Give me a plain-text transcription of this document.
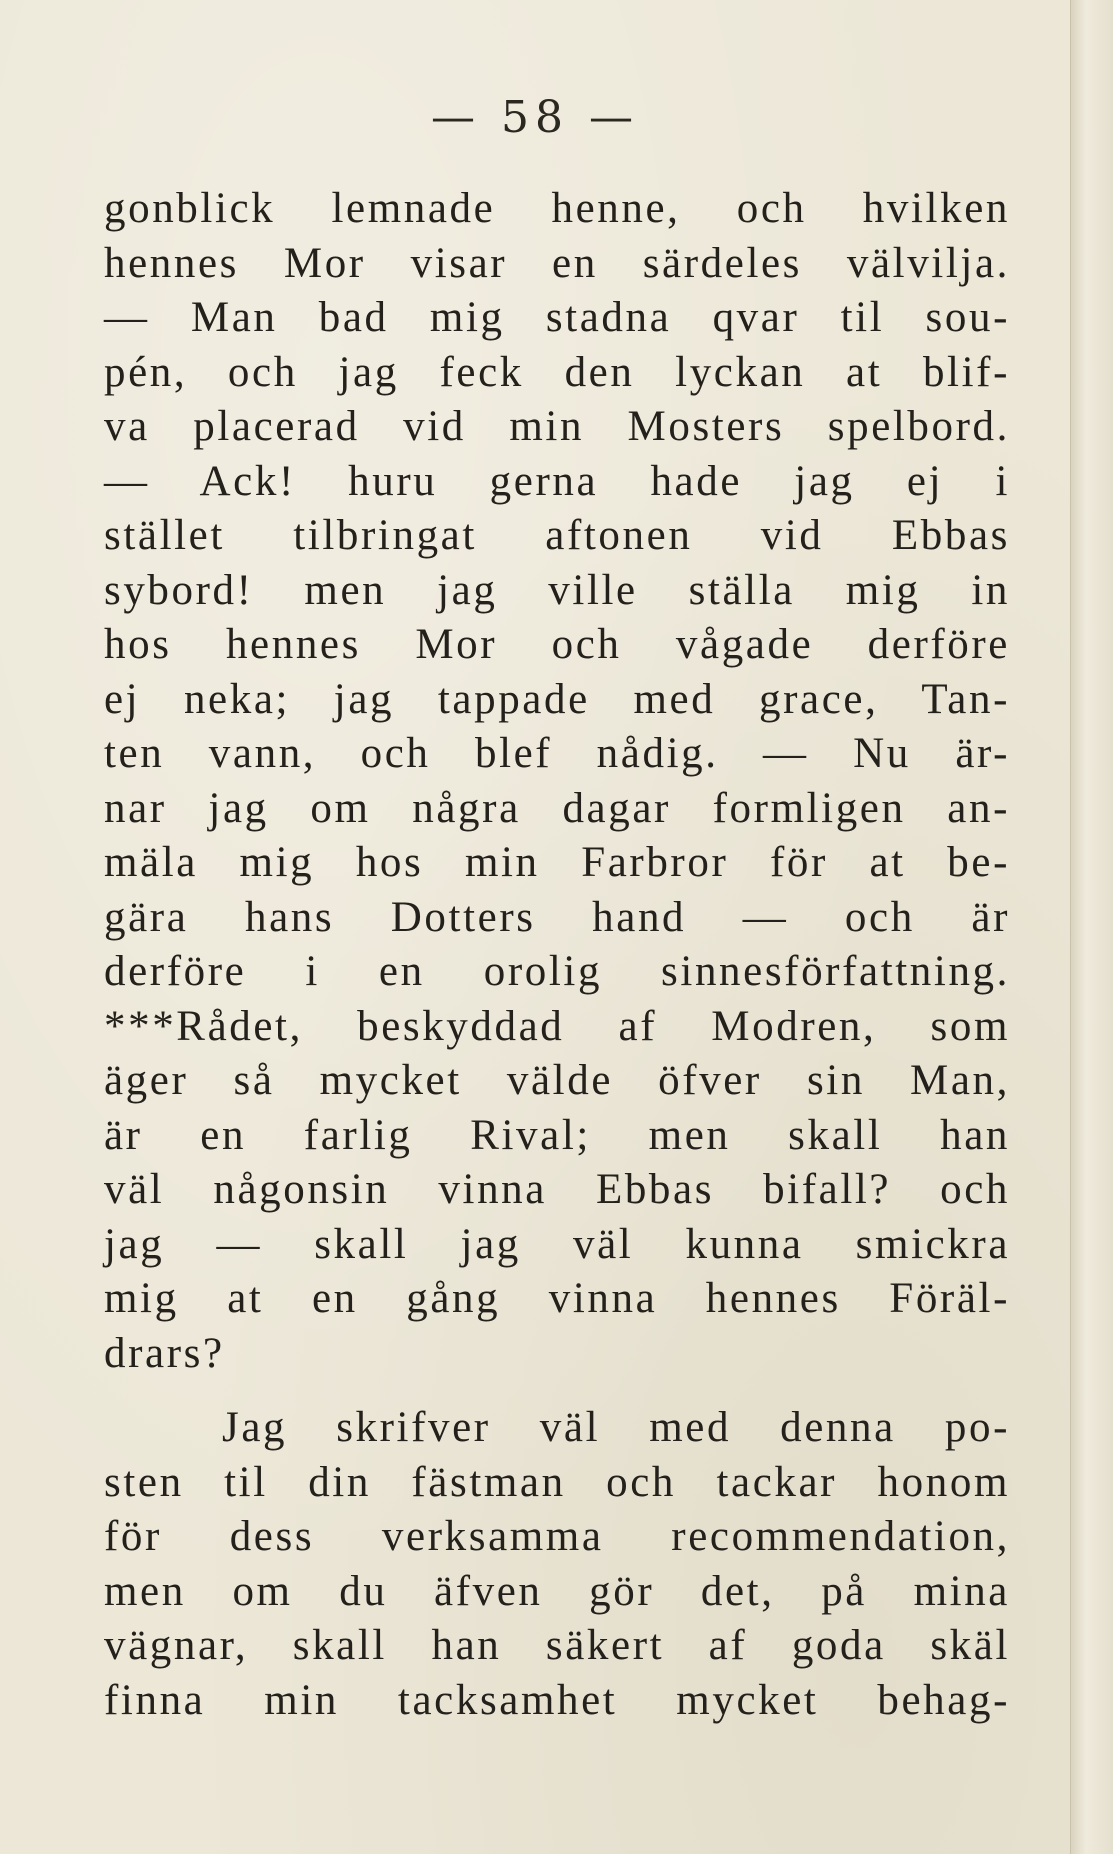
— 58 —
gonblick lemnade henne, och hvilken
hennes Mor visar en särdeles välvilja.
— Man bad mig stadna qvar til sou-
pén, och jag feck den lyckan at blif-
va placerad vid min Mosters spelbord.
— Ack! huru gerna hade jag ej i
stället tilbringat aftonen vid Ebbas
sybord! men jag ville ställa mig in
hos hennes Mor och vågade derföre
ej neka; jag tappade med grace, Tan-
ten vann, och blef nådig. — Nu är-
nar jag om några dagar formligen an-
mäla mig hos min Farbror för at be-
gära hans Dotters hand — och är
derföre i en orolig sinnesförfattning.
***Rådet, beskyddad af Modren, som
äger så mycket välde öfver sin Man,
är en farlig Rival; men skall han
väl någonsin vinna Ebbas bifall? och
jag — skall jag väl kunna smickra
mig at en gång vinna hennes Föräl-
drars?
Jag skrifver väl med denna po-
sten til din fästman och tackar honom
för dess verksamma recommendation,
men om du äfven gör det, på mina
vägnar, skall han säkert af goda skäl
finna min tacksamhet mycket behag-
